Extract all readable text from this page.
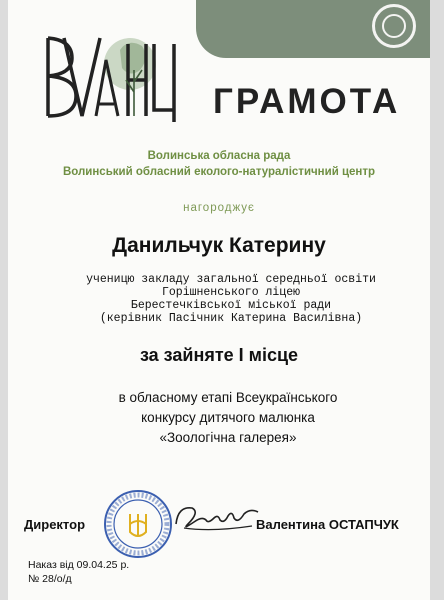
ГРАМОТА
Волинська обласна рада
Волинський обласний еколого-натуралістичний центр
нагороджує
Данильчук Катерину
ученицю закладу загальної середньої освіти
Горішненського ліцею
Берестечківської міської ради
(керівник Пасічник Катерина Василівна)
за зайняте І місце
в обласному етапі Всеукраїнського
конкурсу дитячого малюнка
«Зоологічна галерея»
Директор	Валентина ОСТАПЧУК
Наказ від 09.04.25 р.
№ 28/о/д
